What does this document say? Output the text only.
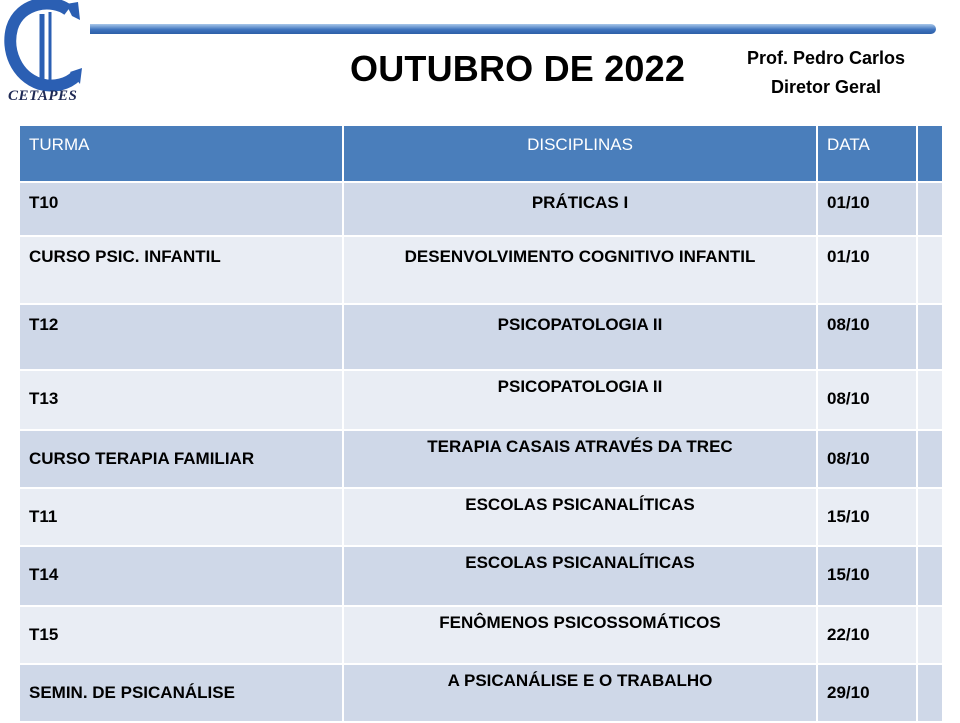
CETAPES
OUTUBRO DE 2022	Prof. Pedro Carlos
Diretor Geral
TURMA	DISCIPLINAS	DATA	
T10	PRÁTICAS I	01/10	
CURSO PSIC. INFANTIL	DESENVOLVIMENTO COGNITIVO INFANTIL	01/10	
T12	PSICOPATOLOGIA II	08/10	
T13	PSICOPATOLOGIA II	08/10	
CURSO TERAPIA FAMILIAR	TERAPIA CASAIS ATRAVÉS DA TREC	08/10	
T11	ESCOLAS PSICANALÍTICAS	15/10	
T14	ESCOLAS PSICANALÍTICAS	15/10	
T15	FENÔMENOS PSICOSSOMÁTICOS	22/10	
SEMIN. DE PSICANÁLISE	A PSICANÁLISE E O TRABALHO	29/10	
